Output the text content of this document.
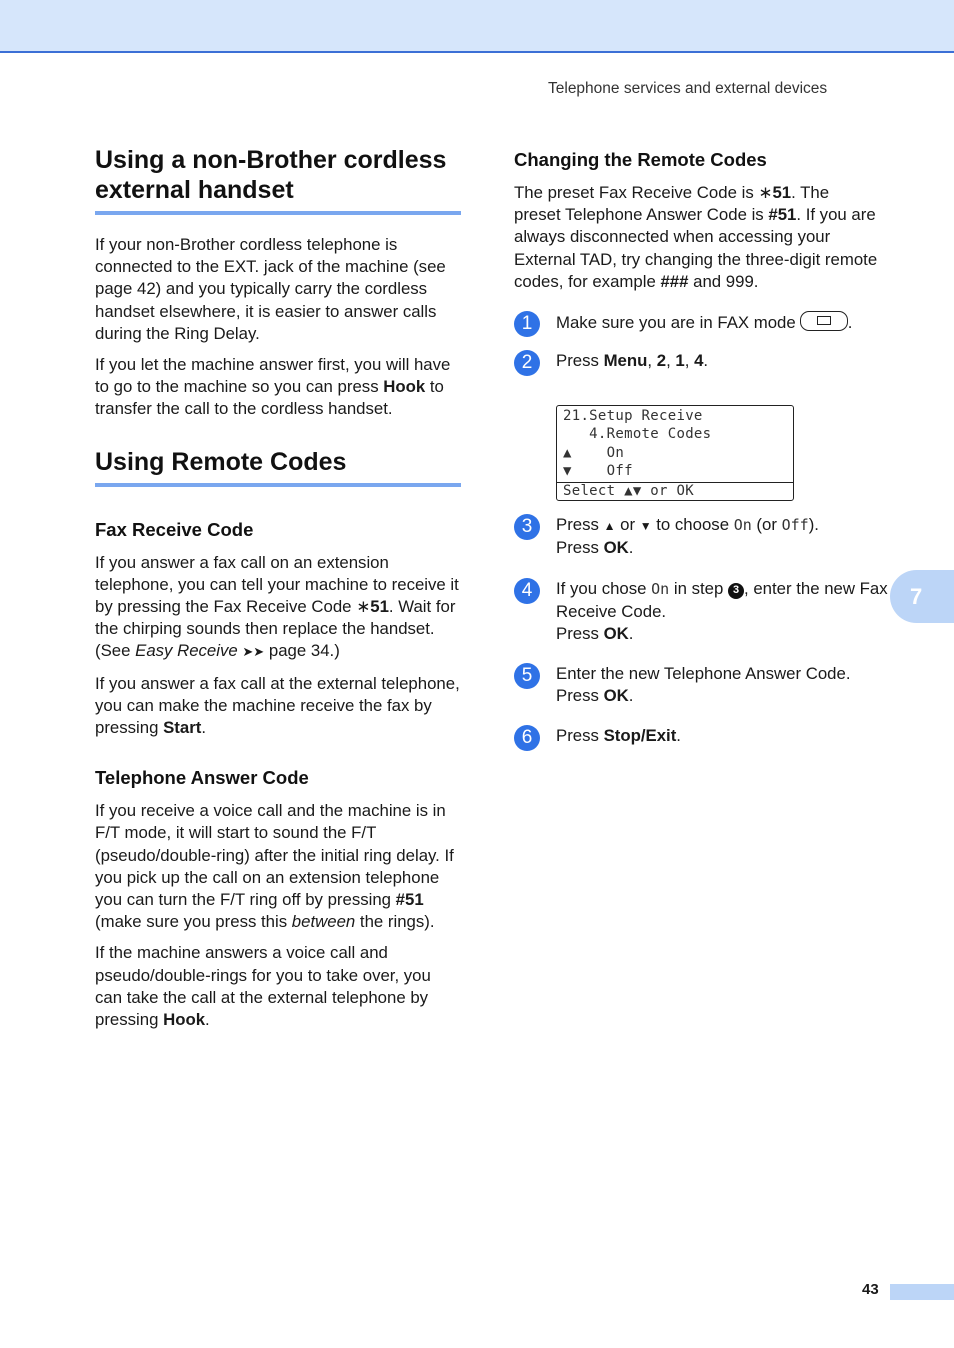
Telephone services and external devices
7
Using a non-Brother cordless external handset

If your non-Brother cordless telephone is connected to the EXT. jack of the machine (see page 42) and you typically carry the cordless handset elsewhere, it is easier to answer calls during the Ring Delay.

If you let the machine answer first, you will have to go to the machine so you can press Hook to transfer the call to the cordless handset.

Using Remote Codes
Fax Receive Code

If you answer a fax call on an extension telephone, you can tell your machine to receive it by pressing the Fax Receive Code ∗51. Wait for the chirping sounds then replace the handset. (See Easy Receive ➤➤ page 34.)

If you answer a fax call at the external telephone, you can make the machine receive the fax by pressing Start.

Telephone Answer Code

If you receive a voice call and the machine is in F/T mode, it will start to sound the F/T (pseudo/double-ring) after the initial ring delay. If you pick up the call on an extension telephone you can turn the F/T ring off by pressing #51 (make sure you press this between the rings).

If the machine answers a voice call and pseudo/double-rings for you to take over, you can take the call at the external telephone by pressing Hook.

Changing the Remote Codes

The preset Fax Receive Code is ∗51. The preset Telephone Answer Code is #51. If you are always disconnected when accessing your External TAD, try changing the three-digit remote codes, for example ### and 999.

1	Make sure you are in FAX mode	.

2	Press Menu, 2, 1, 4.

21.Setup Receive
4.Remote Codes
▲    On
▼    Off
Select ▲▼ or OK
3	Press ▲ or ▼ to choose On (or Off).
Press OK.

4	If you chose On in step 3 , enter the new Fax Receive Code.
Press OK.

5	Enter the new Telephone Answer Code.
Press OK.

6	Press Stop/Exit.

43
